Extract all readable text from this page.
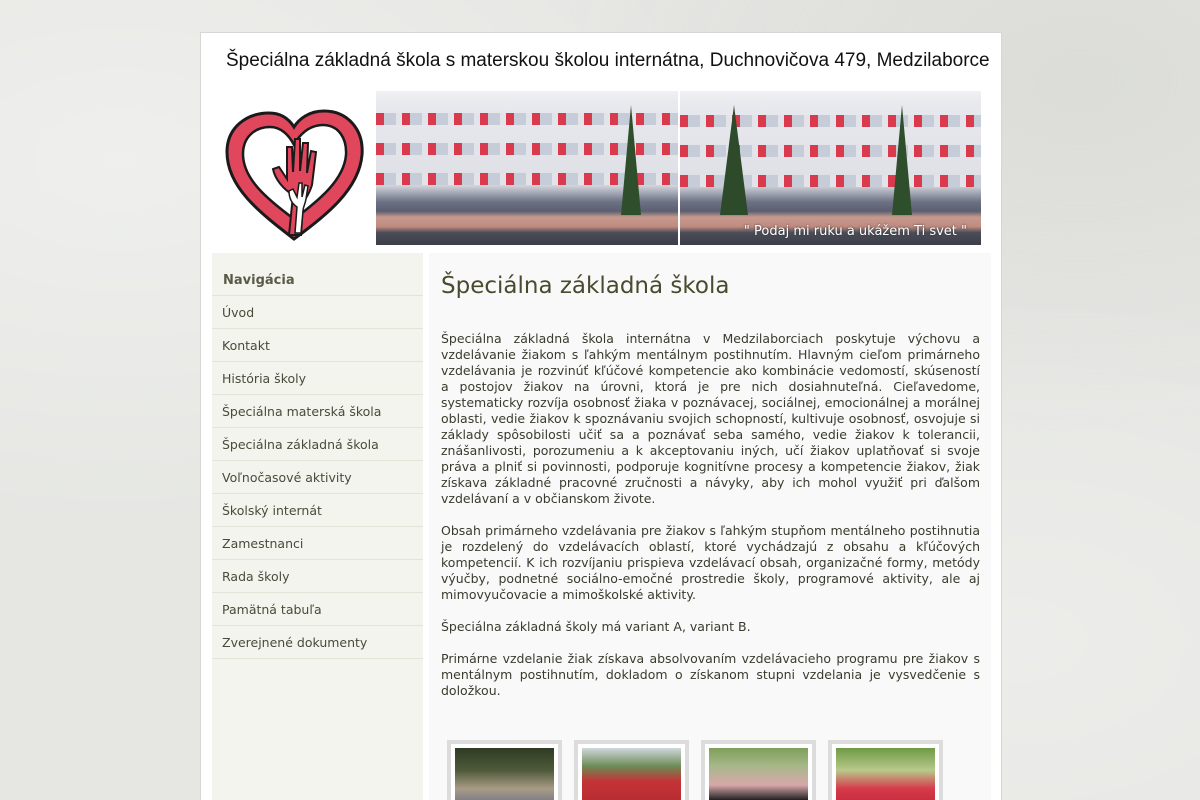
Špeciálna základná škola s materskou školou internátna, Duchnovičova 479, Medzilaborce
" Podaj mi ruku a ukážem Ti svet "
Navigácia
Úvod
Kontakt
História školy
Špeciálna materská škola
Špeciálna základná škola
Voľnočasové aktivity
Školský internát
Zamestnanci
Rada školy
Pamätná tabuľa
Zverejnené dokumenty
Špeciálna základná škola

Špeciálna základná škola internátna v Medzilaborciach poskytuje výchovu a vzdelávanie žiakom s ľahkým mentálnym postihnutím. Hlavným cieľom primárneho vzdelávania je rozvinúť kľúčové kompetencie ako kombinácie vedomostí, skúseností a postojov žiakov na úrovni, ktorá je pre nich dosiahnuteľná. Cieľavedome, systematicky rozvíja osobnosť žiaka v poznávacej, sociálnej, emocionálnej a morálnej oblasti, vedie žiakov k spoznávaniu svojich schopností, kultivuje osobnosť, osvojuje si základy spôsobilosti učiť sa a poznávať seba samého, vedie žiakov k tolerancii, znášanlivosti, porozumeniu a k akceptovaniu iných, učí žiakov uplatňovať si svoje práva a plniť si povinnosti, podporuje kognitívne procesy a kompetencie žiakov, žiak získava základné pracovné zručnosti a návyky, aby ich mohol využiť pri ďalšom vzdelávaní a v občianskom živote.

Obsah primárneho vzdelávania pre žiakov s ľahkým stupňom mentálneho postihnutia je rozdelený do vzdelávacích oblastí, ktoré vychádzajú z obsahu a kľúčových kompetencií. K ich rozvíjaniu prispieva vzdelávací obsah, organizačné formy, metódy výučby, podnetné sociálno-emočné prostredie školy, programové aktivity, ale aj mimovyučovacie a mimoškolské aktivity.

Špeciálna základná školy má variant A, variant B.

Primárne vzdelanie žiak získava absolvovaním vzdelávacieho programu pre žiakov s mentálnym postihnutím, dokladom o získanom stupni vzdelania je vysvedčenie s doložkou.
